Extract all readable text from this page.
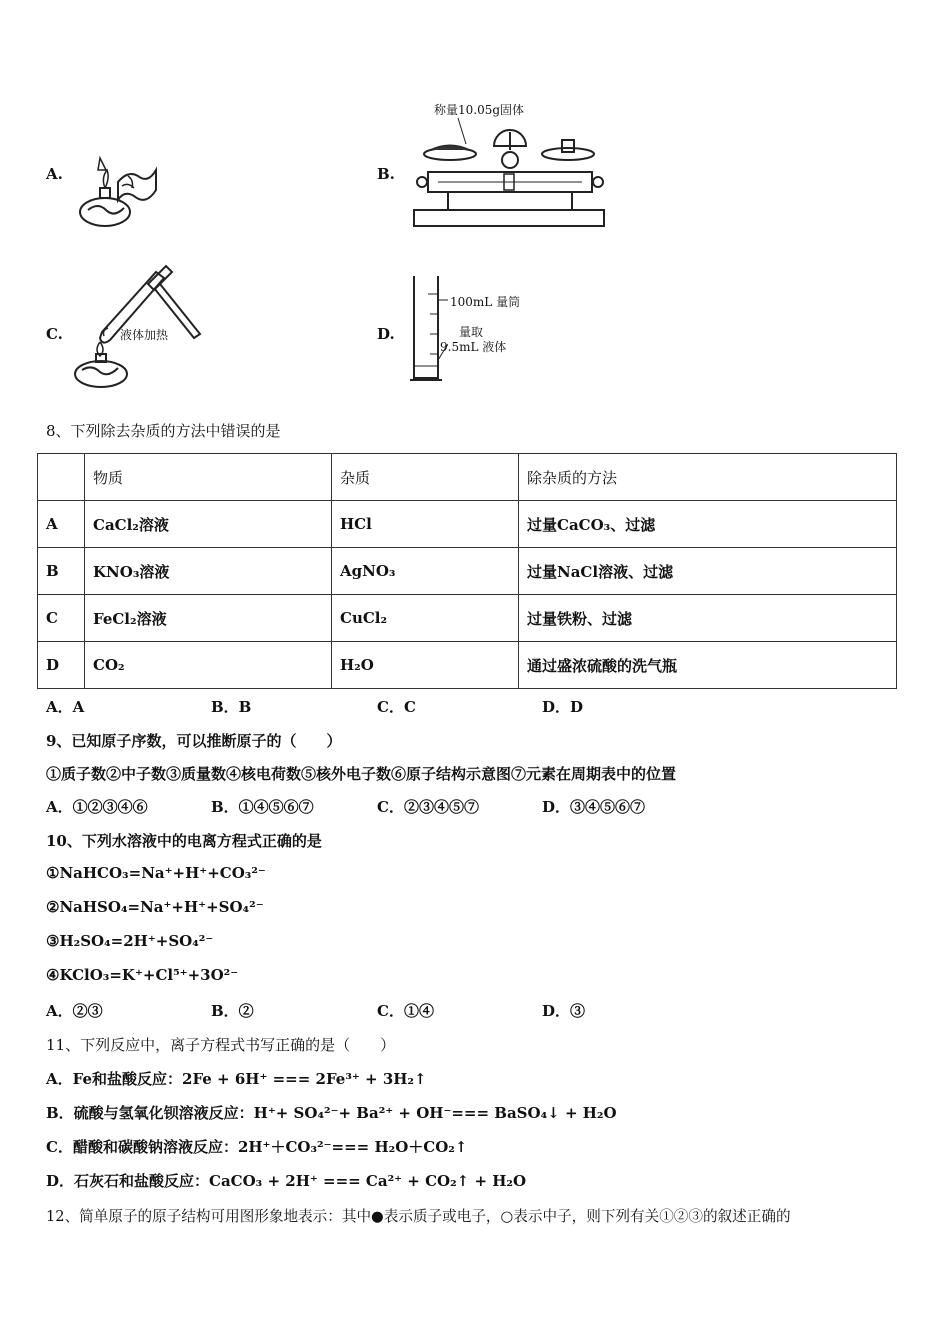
A.	B.
称量10.05g固体
C.	液体加热	D.
100mL 量筒
量取
9.5mL 液体
8、下列除去杂质的方法中错误的是
	物质	杂质	除杂质的方法
A	CaCl₂溶液	HCl	过量CaCO₃、过滤
B	KNO₃溶液	AgNO₃	过量NaCl溶液、过滤
C	FeCl₂溶液	CuCl₂	过量铁粉、过滤
D	CO₂	H₂O	通过盛浓硫酸的洗气瓶
A．A	B．B	C．C	D．D
9、已知原子序数，可以推断原子的（　　）
①质子数②中子数③质量数④核电荷数⑤核外电子数⑥原子结构示意图⑦元素在周期表中的位置
A．①②③④⑥	B．①④⑤⑥⑦	C．②③④⑤⑦	D．③④⑤⑥⑦
10、下列水溶液中的电离方程式正确的是
①NaHCO₃=Na⁺+H⁺+CO₃²⁻
②NaHSO₄=Na⁺+H⁺+SO₄²⁻
③H₂SO₄=2H⁺+SO₄²⁻
④KClO₃=K⁺+Cl⁵⁺+3O²⁻
A．②③	B．②	C．①④	D．③
11、下列反应中，离子方程式书写正确的是（　　）
A．Fe和盐酸反应：2Fe + 6H⁺ === 2Fe³⁺ + 3H₂↑
B．硫酸与氢氧化钡溶液反应：H⁺+ SO₄²⁻+ Ba²⁺ + OH⁻=== BaSO₄↓ + H₂O
C．醋酸和碳酸钠溶液反应：2H⁺＋CO₃²⁻=== H₂O＋CO₂↑
D．石灰石和盐酸反应：CaCO₃ + 2H⁺ === Ca²⁺ + CO₂↑ + H₂O
12、简单原子的原子结构可用图形象地表示：其中●表示质子或电子，○表示中子，则下列有关①②③的叙述正确的
